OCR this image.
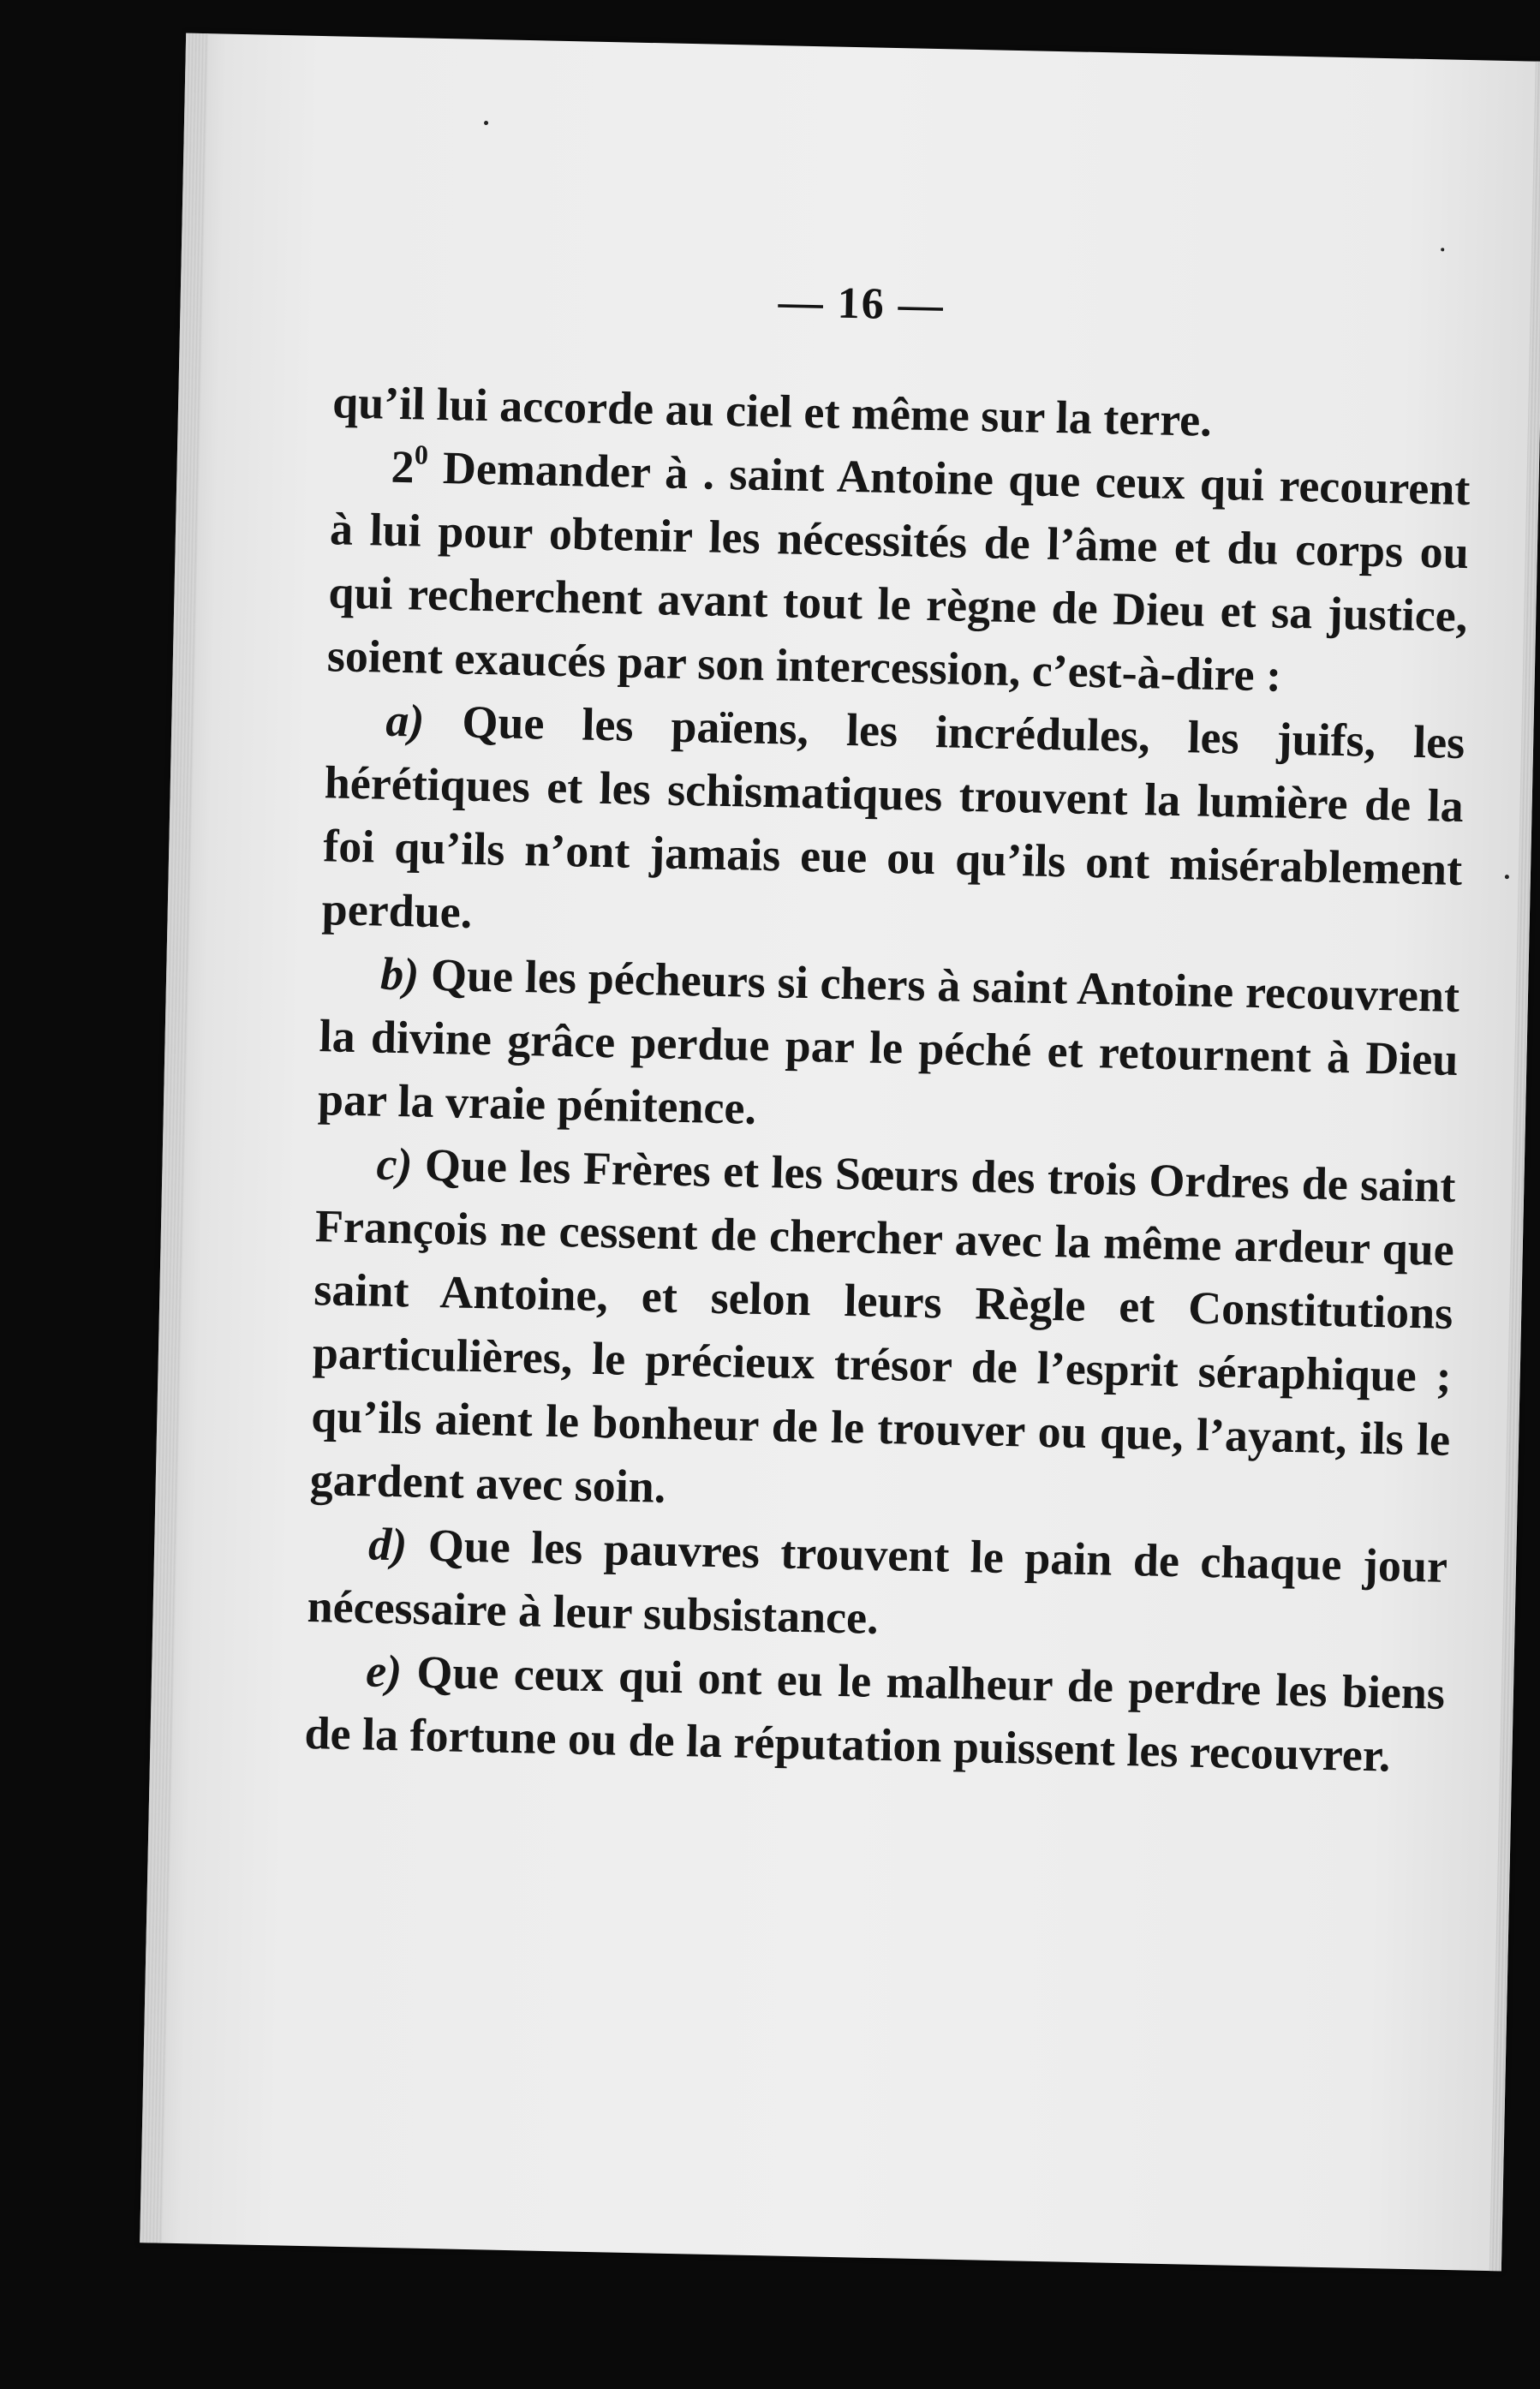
— 16 —

qu’il lui accorde au ciel et même sur la terre.

$2^0$ Demander à . saint Antoine que ceux qui recourent à lui pour obtenir les nécessités de l’âme et du corps ou qui recherchent avant tout le règne de Dieu et sa justice, soient exaucés par son intercession, c’est-à-dire :

a) Que les païens, les incrédules, les juifs, les hérétiques et les schismatiques trouvent la lumière de la foi qu’ils n’ont jamais eue ou qu’ils ont misérablement perdue.

b) Que les pécheurs si chers à saint Antoine recouvrent la divine grâce perdue par le péché et retournent à Dieu par la vraie pénitence.

c) Que les Frères et les Sœurs des trois Ordres de saint François ne cessent de chercher avec la même ardeur que saint Antoine, et selon leurs Règle et Constitutions particulières, le précieux trésor de l’esprit séraphique ; qu’ils aient le bonheur de le trouver ou que, l’ayant, ils le gardent avec soin.

d) Que les pauvres trouvent le pain de chaque jour nécessaire à leur subsistance.

e) Que ceux qui ont eu le malheur de perdre les biens de la fortune ou de la réputation puissent les recouvrer.
